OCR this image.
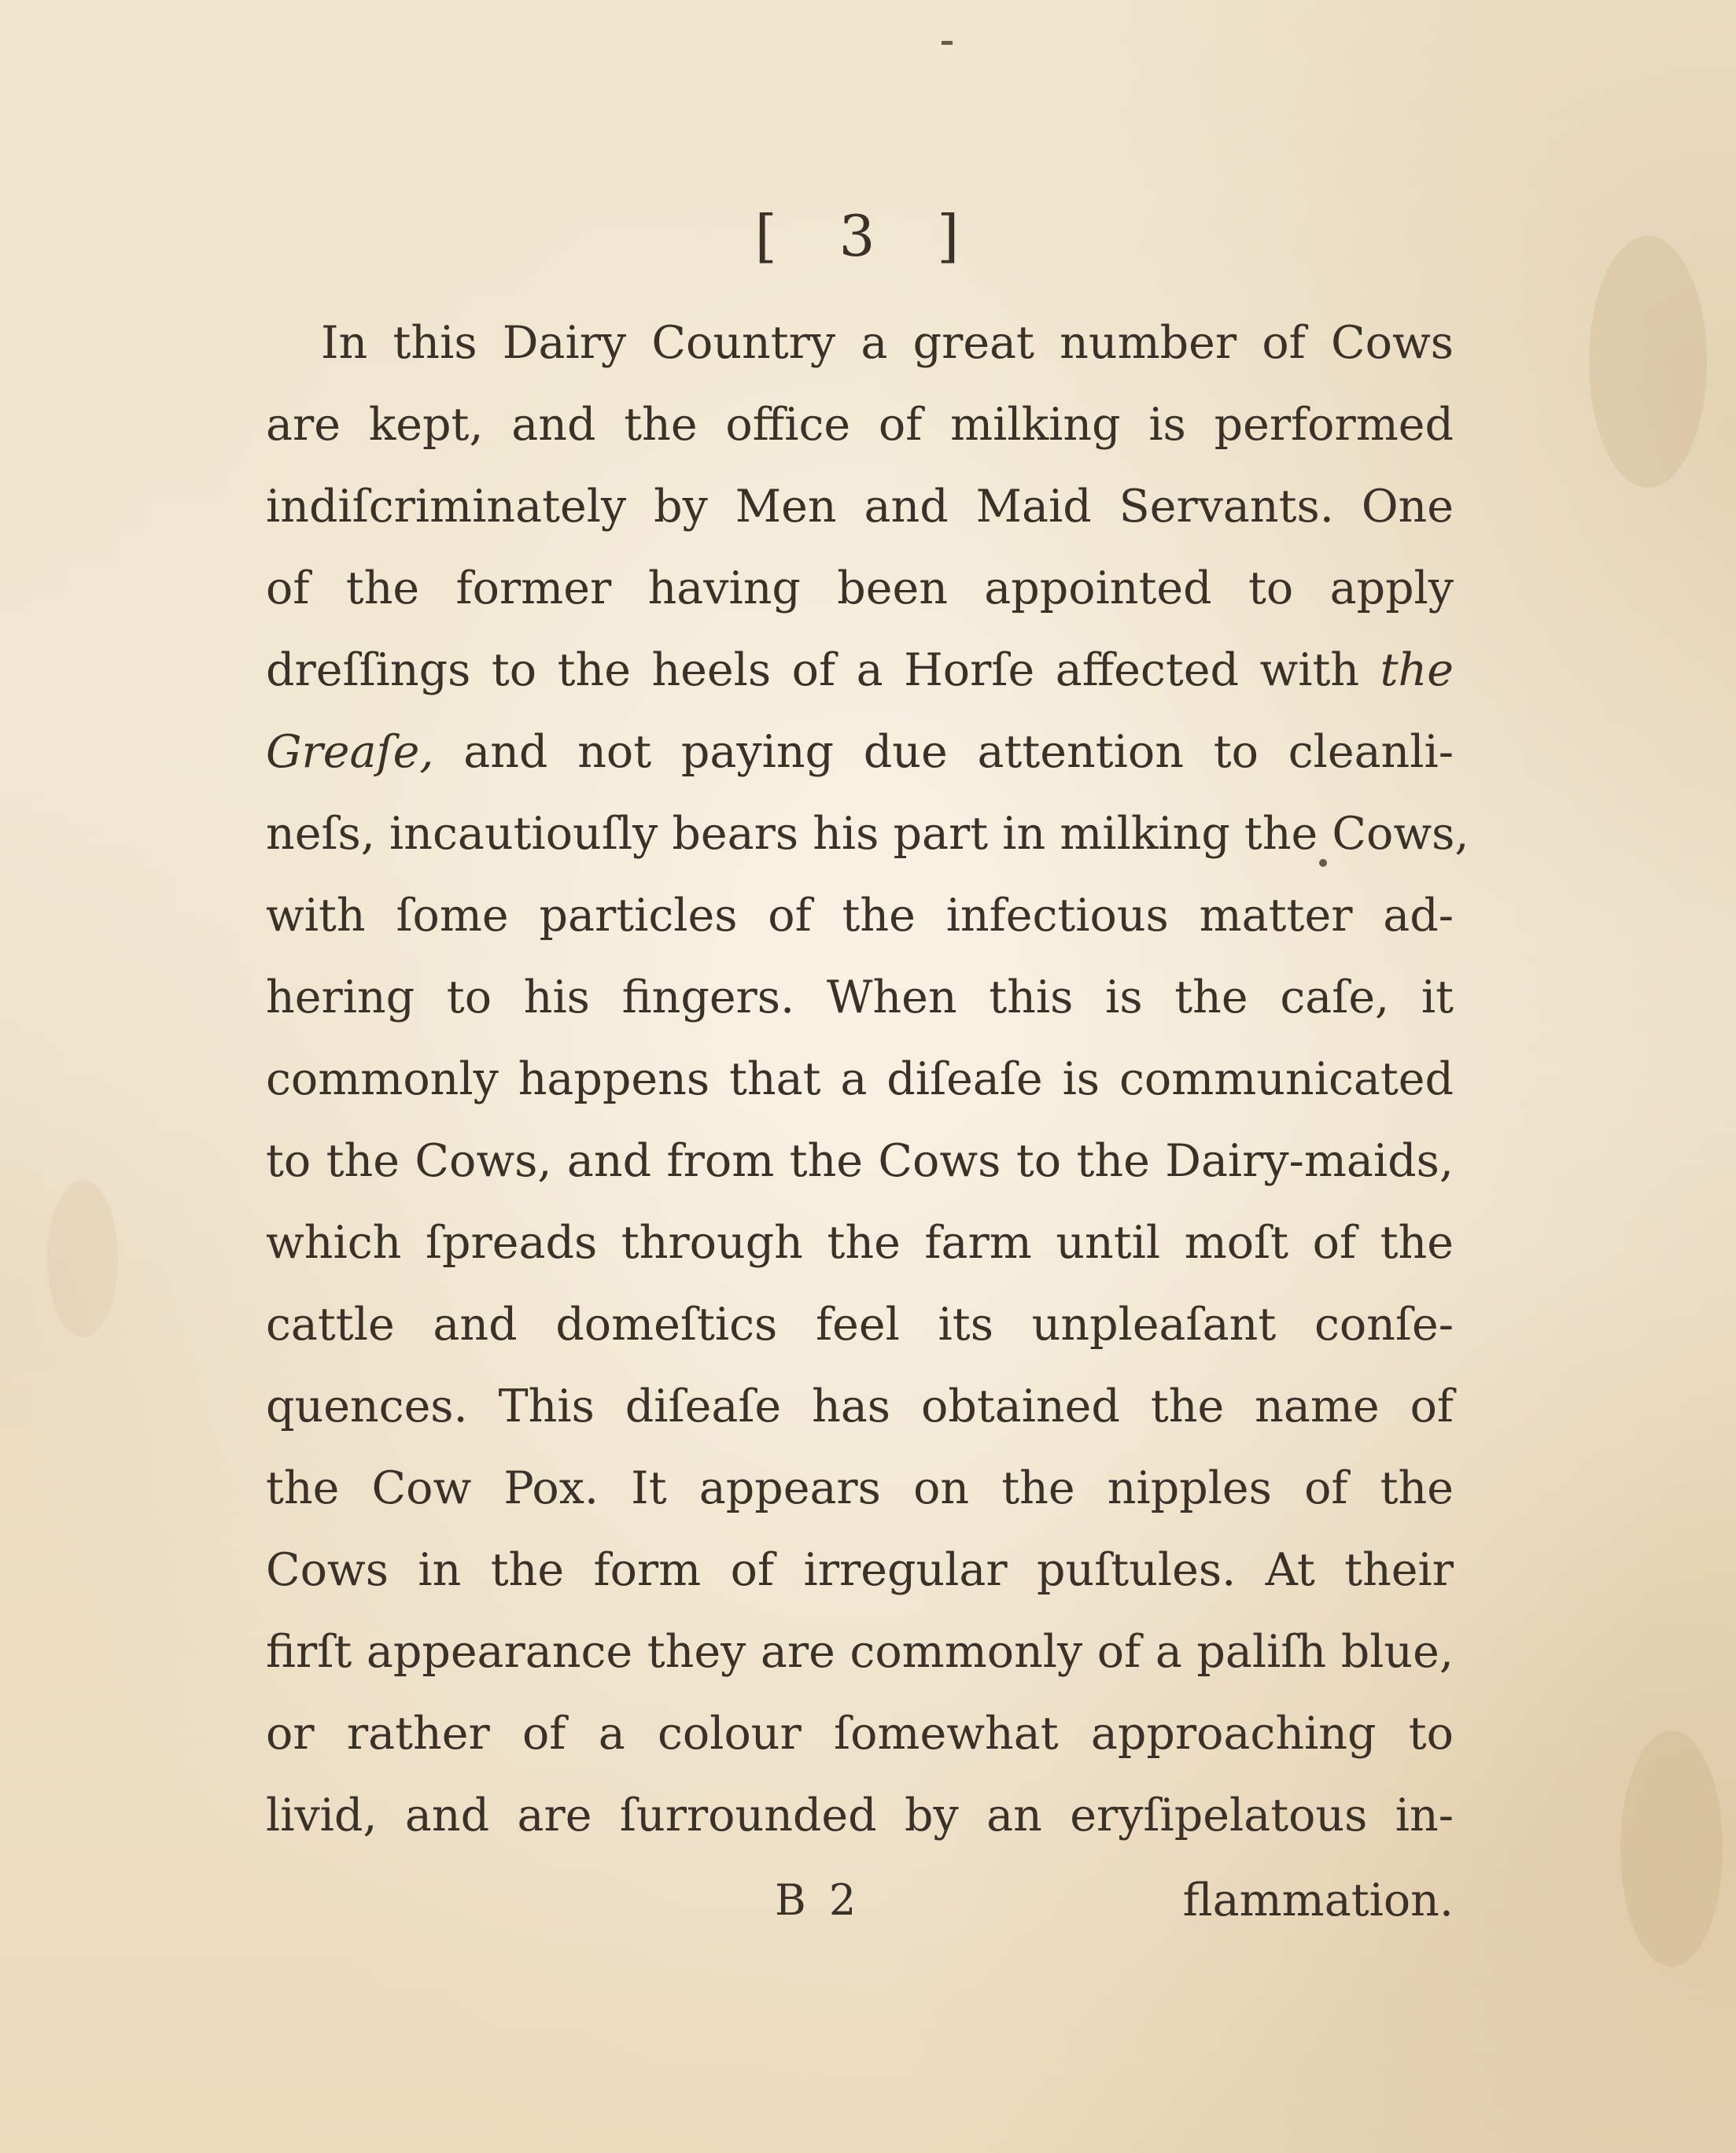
[ 3 ]
In this Dairy Country a great number of Cows
are kept, and the office of milking is performed
indiſcriminately by Men and Maid Servants. One
of the former having been appointed to apply
dreſſings to the heels of a Horſe affected with the
Greaſe, and not paying due attention to cleanli-
neſs, incautiouſly bears his part in milking the Cows,
with ſome particles of the infectious matter ad-
hering to his fingers. When this is the caſe, it
commonly happens that a diſeaſe is communicated
to the Cows, and from the Cows to the Dairy-maids,
which ſpreads through the farm until moſt of the
cattle and domeſtics feel its unpleaſant conſe-
quences. This diſeaſe has obtained the name of
the Cow Pox. It appears on the nipples of the
Cows in the form of irregular puſtules. At their
firſt appearance they are commonly of a paliſh blue,
or rather of a colour ſomewhat approaching to
livid, and are ſurrounded by an eryſipelatous in-
B 2	flammation.
